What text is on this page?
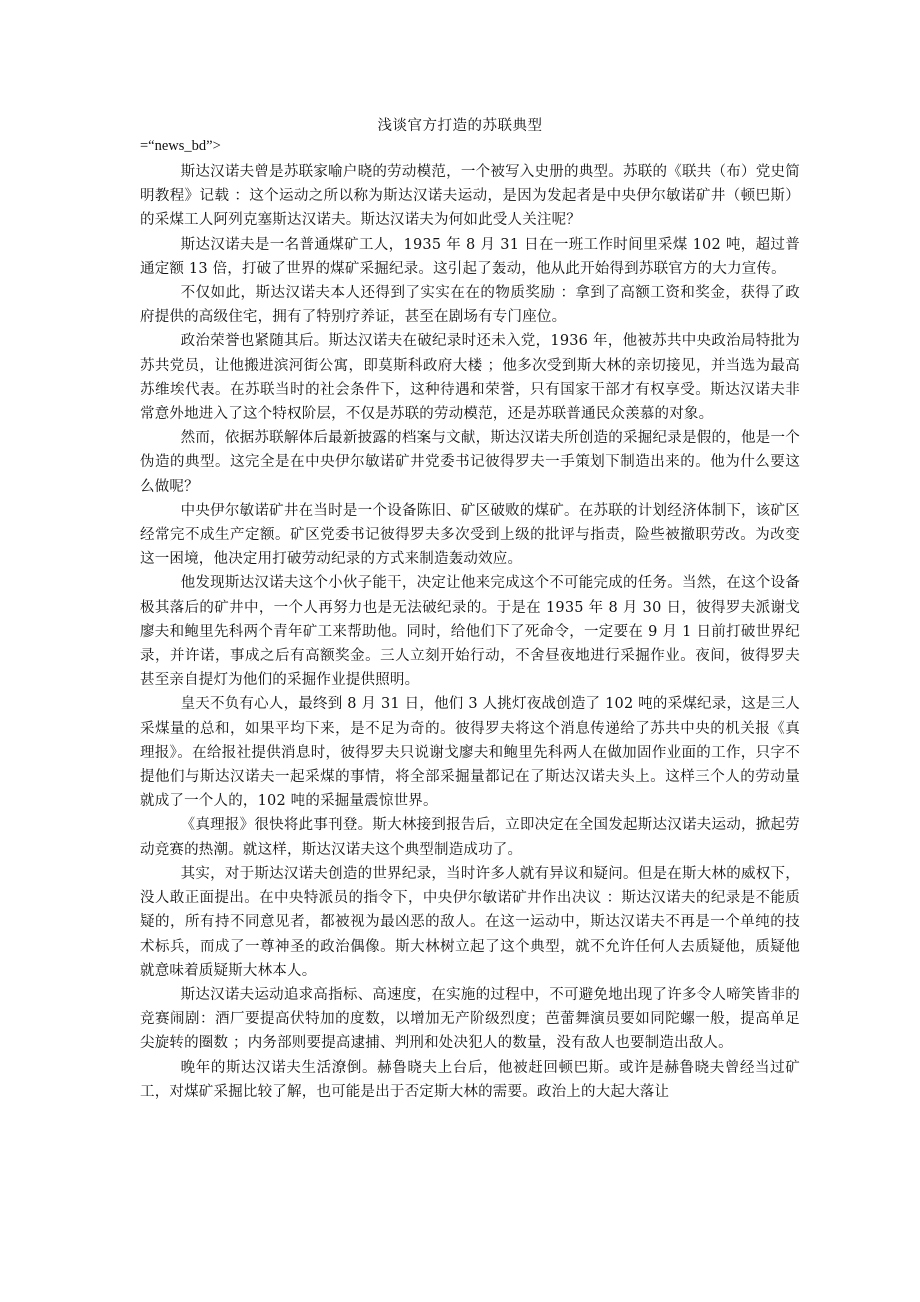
浅谈官方打造的苏联典型
=“news_bd”>

斯达汉诺夫曾是苏联家喻户晓的劳动模范，一个被写入史册的典型。苏联的《联共（布）党史简明教程》记载 ：这个运动之所以称为斯达汉诺夫运动，是因为发起者是中央伊尔敏诺矿井（顿巴斯）的采煤工人阿列克塞斯达汉诺夫。斯达汉诺夫为何如此受人关注呢？

斯达汉诺夫是一名普通煤矿工人，1935 年 8 月 31 日在一班工作时间里采煤 102 吨，超过普通定额 13 倍，打破了世界的煤矿采掘纪录。这引起了轰动，他从此开始得到苏联官方的大力宣传。

不仅如此，斯达汉诺夫本人还得到了实实在在的物质奖励 ：拿到了高额工资和奖金，获得了政府提供的高级住宅，拥有了特别疗养证，甚至在剧场有专门座位。

政治荣誉也紧随其后。斯达汉诺夫在破纪录时还未入党，1936 年，他被苏共中央政治局特批为苏共党员，让他搬进滨河街公寓，即莫斯科政府大楼 ；他多次受到斯大林的亲切接见，并当选为最高苏维埃代表。在苏联当时的社会条件下，这种待遇和荣誉，只有国家干部才有权享受。斯达汉诺夫非常意外地进入了这个特权阶层，不仅是苏联的劳动模范，还是苏联普通民众羡慕的对象。

然而，依据苏联解体后最新披露的档案与文献，斯达汉诺夫所创造的采掘纪录是假的，他是一个伪造的典型。这完全是在中央伊尔敏诺矿井党委书记彼得罗夫一手策划下制造出来的。他为什么要这么做呢？

中央伊尔敏诺矿井在当时是一个设备陈旧、矿区破败的煤矿。在苏联的计划经济体制下，该矿区经常完不成生产定额。矿区党委书记彼得罗夫多次受到上级的批评与指责，险些被撤职劳改。为改变这一困境，他决定用打破劳动纪录的方式来制造轰动效应。

他发现斯达汉诺夫这个小伙子能干，决定让他来完成这个不可能完成的任务。当然，在这个设备极其落后的矿井中，一个人再努力也是无法破纪录的。于是在 1935 年 8 月 30 日，彼得罗夫派谢戈廖夫和鲍里先科两个青年矿工来帮助他。同时，给他们下了死命令，一定要在 9 月 1 日前打破世界纪录，并许诺，事成之后有高额奖金。三人立刻开始行动，不舍昼夜地进行采掘作业。夜间，彼得罗夫甚至亲自提灯为他们的采掘作业提供照明。

皇天不负有心人，最终到 8 月 31 日，他们 3 人挑灯夜战创造了 102 吨的采煤纪录，这是三人采煤量的总和，如果平均下来，是不足为奇的。彼得罗夫将这个消息传递给了苏共中央的机关报《真理报》。在给报社提供消息时，彼得罗夫只说谢戈廖夫和鲍里先科两人在做加固作业面的工作，只字不提他们与斯达汉诺夫一起采煤的事情，将全部采掘量都记在了斯达汉诺夫头上。这样三个人的劳动量就成了一个人的，102 吨的采掘量震惊世界。

《真理报》很快将此事刊登。斯大林接到报告后，立即决定在全国发起斯达汉诺夫运动，掀起劳动竞赛的热潮。就这样，斯达汉诺夫这个典型制造成功了。

其实，对于斯达汉诺夫创造的世界纪录，当时许多人就有异议和疑问。但是在斯大林的威权下，没人敢正面提出。在中央特派员的指令下，中央伊尔敏诺矿井作出决议 ：斯达汉诺夫的纪录是不能质疑的，所有持不同意见者，都被视为最凶恶的敌人。在这一运动中，斯达汉诺夫不再是一个单纯的技术标兵，而成了一尊神圣的政治偶像。斯大林树立起了这个典型，就不允许任何人去质疑他，质疑他就意味着质疑斯大林本人。

斯达汉诺夫运动追求高指标、高速度，在实施的过程中，不可避免地出现了许多令人啼笑皆非的竞赛闹剧：酒厂要提高伏特加的度数，以增加无产阶级烈度；芭蕾舞演员要如同陀螺一般，提高单足尖旋转的圈数 ；内务部则要提高逮捕、判刑和处决犯人的数量，没有敌人也要制造出敌人。

晚年的斯达汉诺夫生活潦倒。赫鲁晓夫上台后，他被赶回顿巴斯。或许是赫鲁晓夫曾经当过矿工，对煤矿采掘比较了解，也可能是出于否定斯大林的需要。政治上的大起大落让
